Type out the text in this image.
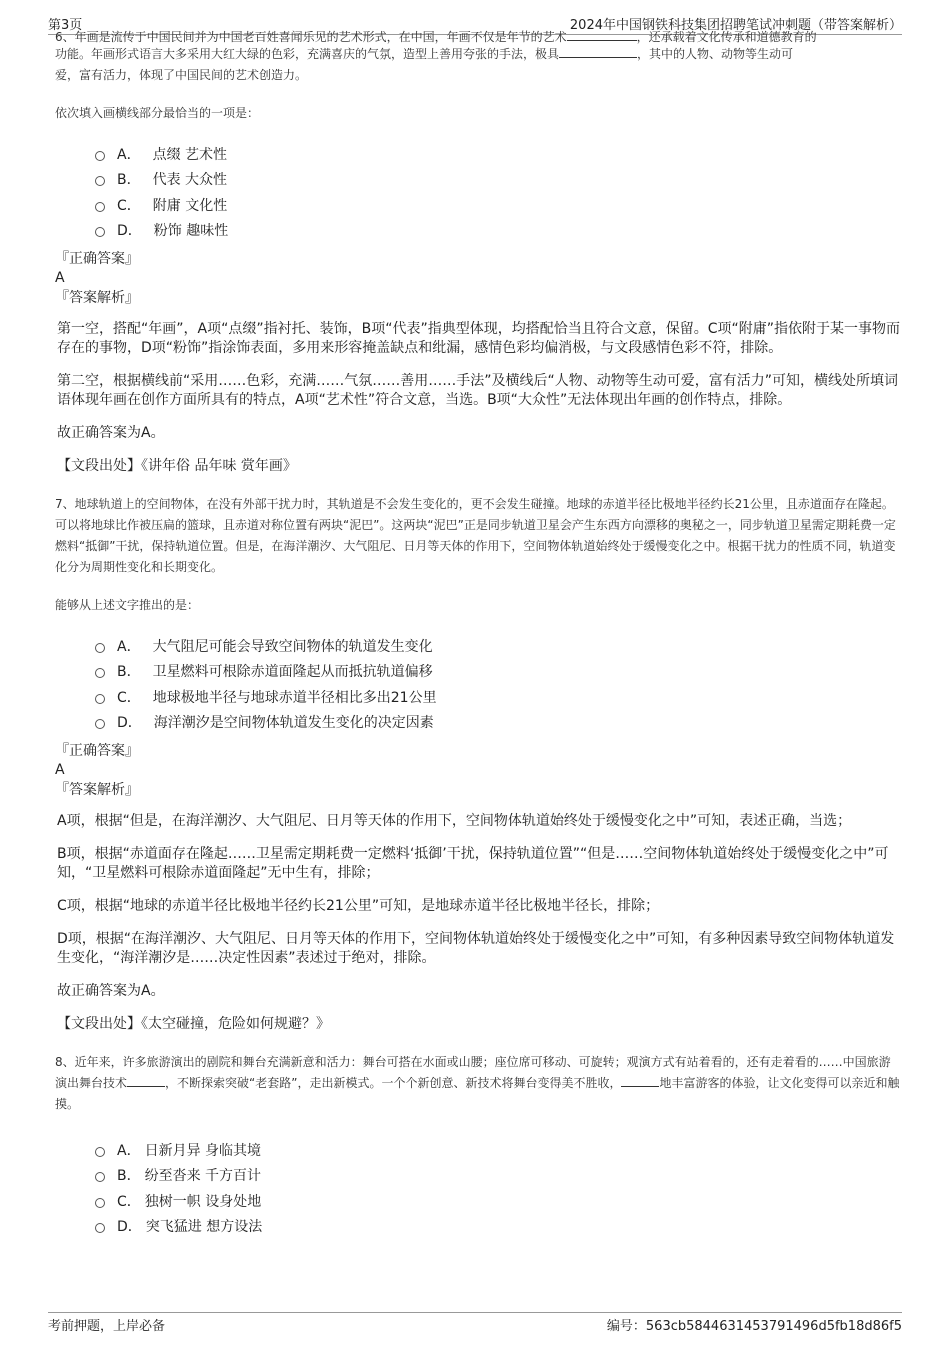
第3页	2024年中国钢铁科技集团招聘笔试冲刺题（带答案解析）

6、年画是流传于中国民间并为中国老百姓喜闻乐见的艺术形式，在中国，年画不仅是年节的艺术	，还承载着文化传承和道德教育的

功能。年画形式语言大多采用大红大绿的色彩，充满喜庆的气氛，造型上善用夸张的手法，极具	，其中的人物、动物等生动可

爱，富有活力，体现了中国民间的艺术创造力。

依次填入画横线部分最恰当的一项是：

A． 点缀 艺术性
B． 代表 大众性
C． 附庸 文化性
D． 粉饰 趣味性

『正确答案』

A

『答案解析』

第一空，搭配“年画”，A项“点缀”指衬托、装饰，B项“代表”指典型体现，均搭配恰当且符合文意，保留。C项“附庸”指依附于某一事物而存在的事物，D项“粉饰”指涂饰表面，多用来形容掩盖缺点和纰漏，感情色彩均偏消极，与文段感情色彩不符，排除。

第二空，根据横线前“采用……色彩，充满……气氛……善用……手法”及横线后“人物、动物等生动可爱，富有活力”可知，横线处所填词语体现年画在创作方面所具有的特点，A项“艺术性”符合文意，当选。B项“大众性”无法体现出年画的创作特点，排除。

故正确答案为A。

【文段出处】《讲年俗 品年味 赏年画》

7、地球轨道上的空间物体，在没有外部干扰力时，其轨道是不会发生变化的，更不会发生碰撞。地球的赤道半径比极地半径约长21公里，且赤道面存在隆起。可以将地球比作被压扁的篮球，且赤道对称位置有两块“泥巴”。这两块“泥巴”正是同步轨道卫星会产生东西方向漂移的奥秘之一，同步轨道卫星需定期耗费一定燃料“抵御”干扰，保持轨道位置。但是，在海洋潮汐、大气阻尼、日月等天体的作用下，空间物体轨道始终处于缓慢变化之中。根据干扰力的性质不同，轨道变化分为周期性变化和长期变化。

能够从上述文字推出的是：

A． 大气阻尼可能会导致空间物体的轨道发生变化
B． 卫星燃料可根除赤道面隆起从而抵抗轨道偏移
C． 地球极地半径与地球赤道半径相比多出21公里
D． 海洋潮汐是空间物体轨道发生变化的决定因素

『正确答案』

A

『答案解析』

A项，根据“但是，在海洋潮汐、大气阻尼、日月等天体的作用下，空间物体轨道始终处于缓慢变化之中”可知，表述正确，当选；

B项，根据“赤道面存在隆起……卫星需定期耗费一定燃料‘抵御’干扰，保持轨道位置”“但是……空间物体轨道始终处于缓慢变化之中”可知，“卫星燃料可根除赤道面隆起”无中生有，排除；

C项，根据“地球的赤道半径比极地半径约长21公里”可知，是地球赤道半径比极地半径长，排除；

D项，根据“在海洋潮汐、大气阻尼、日月等天体的作用下，空间物体轨道始终处于缓慢变化之中”可知，有多种因素导致空间物体轨道发生变化，“海洋潮汐是……决定性因素”表述过于绝对，排除。

故正确答案为A。

【文段出处】《太空碰撞，危险如何规避？》

8、近年来，许多旅游演出的剧院和舞台充满新意和活力：舞台可搭在水面或山腰；座位席可移动、可旋转；观演方式有站着看的，还有走着看的……中国旅游演出舞台技术	，不断探索突破“老套路”，走出新模式。一个个新创意、新技术将舞台变得美不胜收，	地丰富游客的体验，让文化变得可以亲近和触摸。

A． 日新月异 身临其境
B． 纷至沓来 千方百计
C． 独树一帜 设身处地
D． 突飞猛进 想方设法
考前押题，上岸必备	编号：563cb5844631453791496d5fb18d86f5
